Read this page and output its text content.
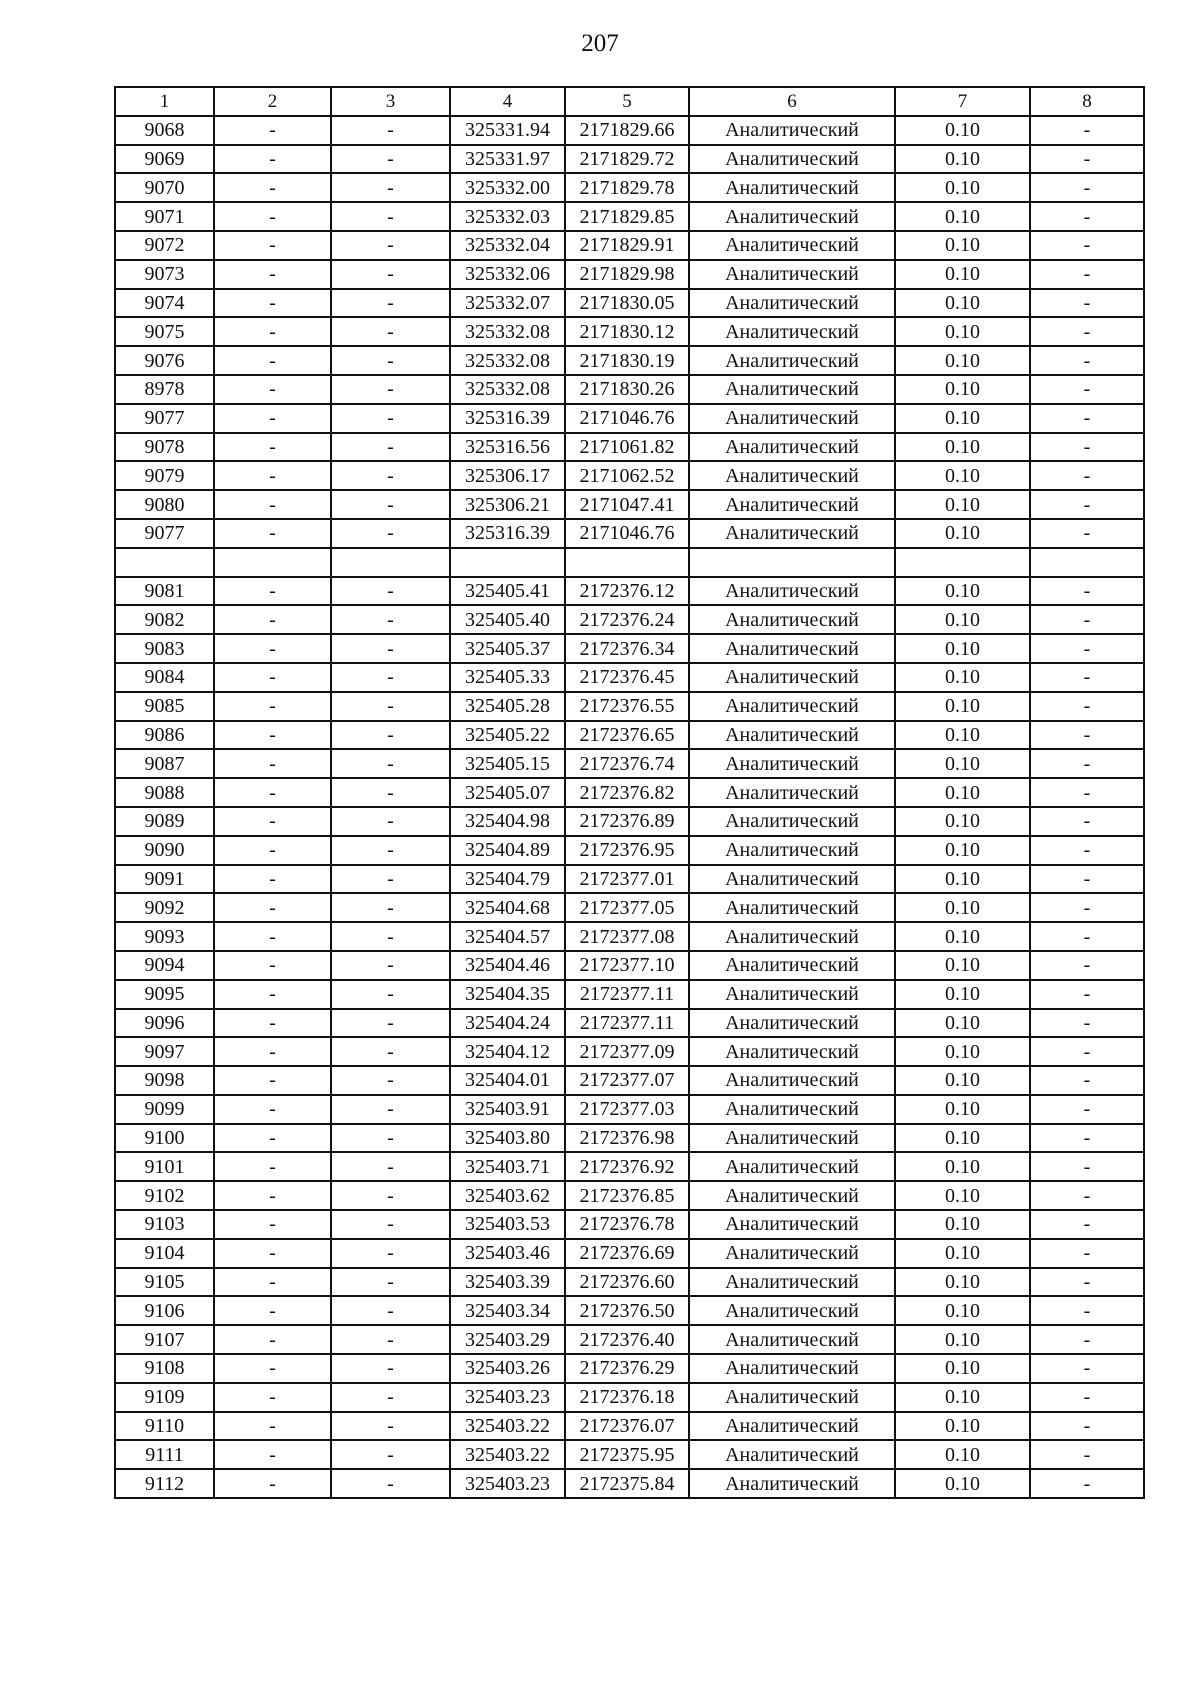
207
1	2	3	4	5	6	7	8
9068	-	-	325331.94	2171829.66	Аналитический	0.10	-
9069	-	-	325331.97	2171829.72	Аналитический	0.10	-
9070	-	-	325332.00	2171829.78	Аналитический	0.10	-
9071	-	-	325332.03	2171829.85	Аналитический	0.10	-
9072	-	-	325332.04	2171829.91	Аналитический	0.10	-
9073	-	-	325332.06	2171829.98	Аналитический	0.10	-
9074	-	-	325332.07	2171830.05	Аналитический	0.10	-
9075	-	-	325332.08	2171830.12	Аналитический	0.10	-
9076	-	-	325332.08	2171830.19	Аналитический	0.10	-
8978	-	-	325332.08	2171830.26	Аналитический	0.10	-
9077	-	-	325316.39	2171046.76	Аналитический	0.10	-
9078	-	-	325316.56	2171061.82	Аналитический	0.10	-
9079	-	-	325306.17	2171062.52	Аналитический	0.10	-
9080	-	-	325306.21	2171047.41	Аналитический	0.10	-
9077	-	-	325316.39	2171046.76	Аналитический	0.10	-

9081	-	-	325405.41	2172376.12	Аналитический	0.10	-
9082	-	-	325405.40	2172376.24	Аналитический	0.10	-
9083	-	-	325405.37	2172376.34	Аналитический	0.10	-
9084	-	-	325405.33	2172376.45	Аналитический	0.10	-
9085	-	-	325405.28	2172376.55	Аналитический	0.10	-
9086	-	-	325405.22	2172376.65	Аналитический	0.10	-
9087	-	-	325405.15	2172376.74	Аналитический	0.10	-
9088	-	-	325405.07	2172376.82	Аналитический	0.10	-
9089	-	-	325404.98	2172376.89	Аналитический	0.10	-
9090	-	-	325404.89	2172376.95	Аналитический	0.10	-
9091	-	-	325404.79	2172377.01	Аналитический	0.10	-
9092	-	-	325404.68	2172377.05	Аналитический	0.10	-
9093	-	-	325404.57	2172377.08	Аналитический	0.10	-
9094	-	-	325404.46	2172377.10	Аналитический	0.10	-
9095	-	-	325404.35	2172377.11	Аналитический	0.10	-
9096	-	-	325404.24	2172377.11	Аналитический	0.10	-
9097	-	-	325404.12	2172377.09	Аналитический	0.10	-
9098	-	-	325404.01	2172377.07	Аналитический	0.10	-
9099	-	-	325403.91	2172377.03	Аналитический	0.10	-
9100	-	-	325403.80	2172376.98	Аналитический	0.10	-
9101	-	-	325403.71	2172376.92	Аналитический	0.10	-
9102	-	-	325403.62	2172376.85	Аналитический	0.10	-
9103	-	-	325403.53	2172376.78	Аналитический	0.10	-
9104	-	-	325403.46	2172376.69	Аналитический	0.10	-
9105	-	-	325403.39	2172376.60	Аналитический	0.10	-
9106	-	-	325403.34	2172376.50	Аналитический	0.10	-
9107	-	-	325403.29	2172376.40	Аналитический	0.10	-
9108	-	-	325403.26	2172376.29	Аналитический	0.10	-
9109	-	-	325403.23	2172376.18	Аналитический	0.10	-
9110	-	-	325403.22	2172376.07	Аналитический	0.10	-
9111	-	-	325403.22	2172375.95	Аналитический	0.10	-
9112	-	-	325403.23	2172375.84	Аналитический	0.10	-
